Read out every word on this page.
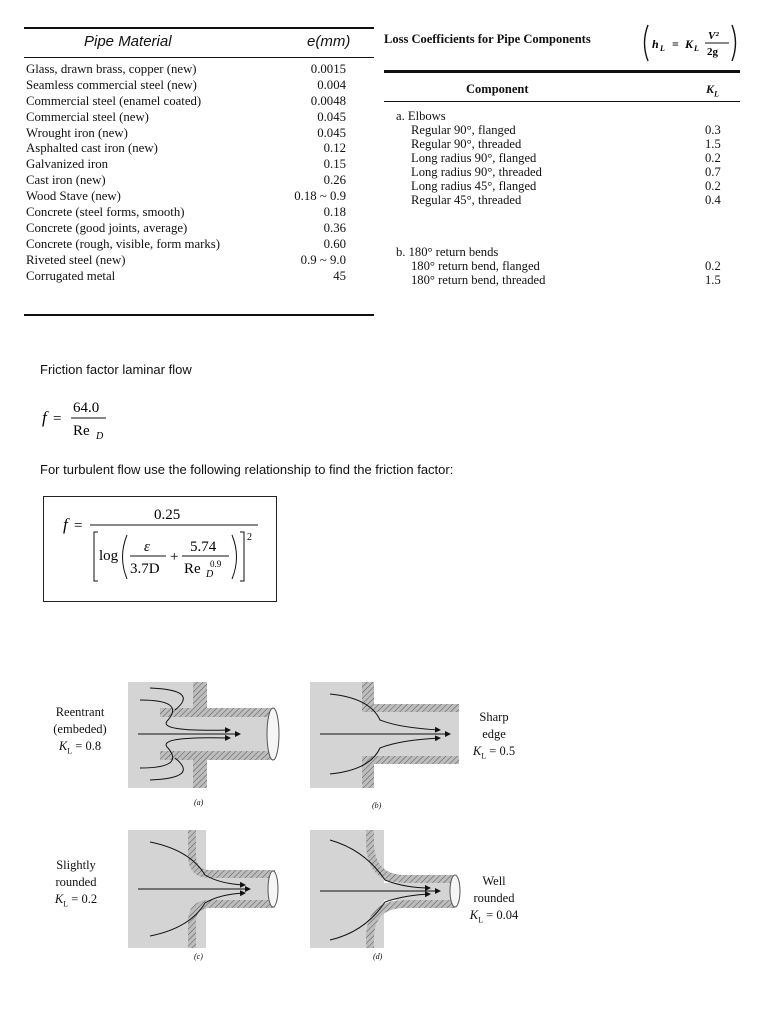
Pipe Material	e(mm)
Glass, drawn brass, copper (new)	0.0015
Seamless commercial steel (new)	0.004
Commercial steel (enamel coated)	0.0048
Commercial steel (new)	0.045
Wrought iron (new)	0.045
Asphalted cast iron (new)	0.12
Galvanized iron	0.15
Cast iron (new)	0.26
Wood Stave (new)	0.18 ~ 0.9
Concrete (steel forms, smooth)	0.18
Concrete (good joints, average)	0.36
Concrete (rough, visible, form marks)	0.60
Riveted steel (new)	0.9 ~ 9.0
Corrugated metal	45
Loss Coefficients for Pipe Components	h L = K L
V²
2g
Component	$K_L$
a. Elbows
Regular 90°, flanged	0.3
Regular 90°, threaded	1.5
Long radius 90°, flanged	0.2
Long radius 90°, threaded	0.7
Long radius 45°, flanged	0.2
Regular 45°, threaded	0.4
b. 180° return bends
180° return bend, flanged	0.2
180° return bend, threaded	1.5
Friction factor laminar flow
f =
64.0
Re D
For turbulent flow use the following relationship to find the friction factor:
f =
0.25
2
log
ε
3.7D
+
5.74
Re D
0.9
Reentrant
(embeded)
$K_L = 0.8$
Sharp
edge
$K_L = 0.5$
Slightly
rounded
$K_L = 0.2$
Well
rounded
$K_L = 0.04$
(a)	(b)
(c)	(d)
